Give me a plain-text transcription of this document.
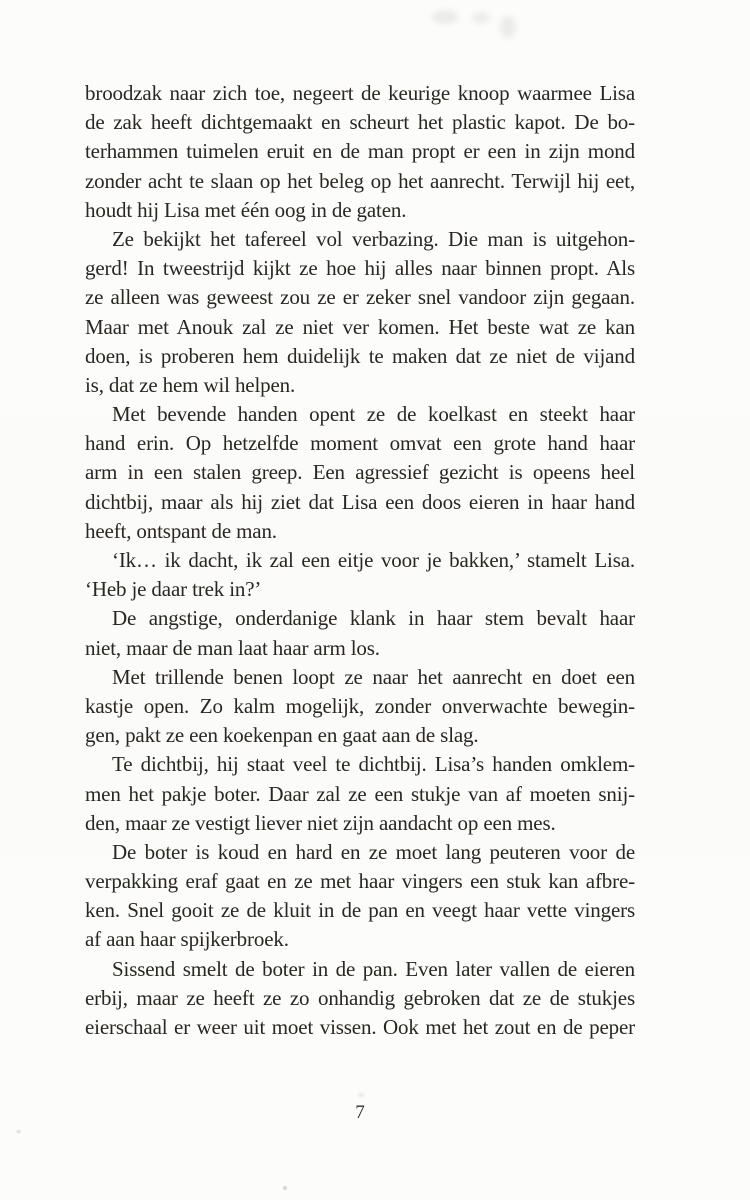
broodzak naar zich toe, negeert de keurige knoop waarmee Lisa
de zak heeft dichtgemaakt en scheurt het plastic kapot. De bo-
terhammen tuimelen eruit en de man propt er een in zijn mond
zonder acht te slaan op het beleg op het aanrecht. Terwijl hij eet,
houdt hij Lisa met één oog in de gaten.
Ze bekijkt het tafereel vol verbazing. Die man is uitgehon-
gerd! In tweestrijd kijkt ze hoe hij alles naar binnen propt. Als
ze alleen was geweest zou ze er zeker snel vandoor zijn gegaan.
Maar met Anouk zal ze niet ver komen. Het beste wat ze kan
doen, is proberen hem duidelijk te maken dat ze niet de vijand
is, dat ze hem wil helpen.
Met bevende handen opent ze de koelkast en steekt haar
hand erin. Op hetzelfde moment omvat een grote hand haar
arm in een stalen greep. Een agressief gezicht is opeens heel
dichtbij, maar als hij ziet dat Lisa een doos eieren in haar hand
heeft, ontspant de man.
‘Ik… ik dacht, ik zal een eitje voor je bakken,’ stamelt Lisa.
‘Heb je daar trek in?’
De angstige, onderdanige klank in haar stem bevalt haar
niet, maar de man laat haar arm los.
Met trillende benen loopt ze naar het aanrecht en doet een
kastje open. Zo kalm mogelijk, zonder onverwachte bewegin-
gen, pakt ze een koekenpan en gaat aan de slag.
Te dichtbij, hij staat veel te dichtbij. Lisa’s handen omklem-
men het pakje boter. Daar zal ze een stukje van af moeten snij-
den, maar ze vestigt liever niet zijn aandacht op een mes.
De boter is koud en hard en ze moet lang peuteren voor de
verpakking eraf gaat en ze met haar vingers een stuk kan afbre-
ken. Snel gooit ze de kluit in de pan en veegt haar vette vingers
af aan haar spijkerbroek.
Sissend smelt de boter in de pan. Even later vallen de eieren
erbij, maar ze heeft ze zo onhandig gebroken dat ze de stukjes
eierschaal er weer uit moet vissen. Ook met het zout en de peper
7
